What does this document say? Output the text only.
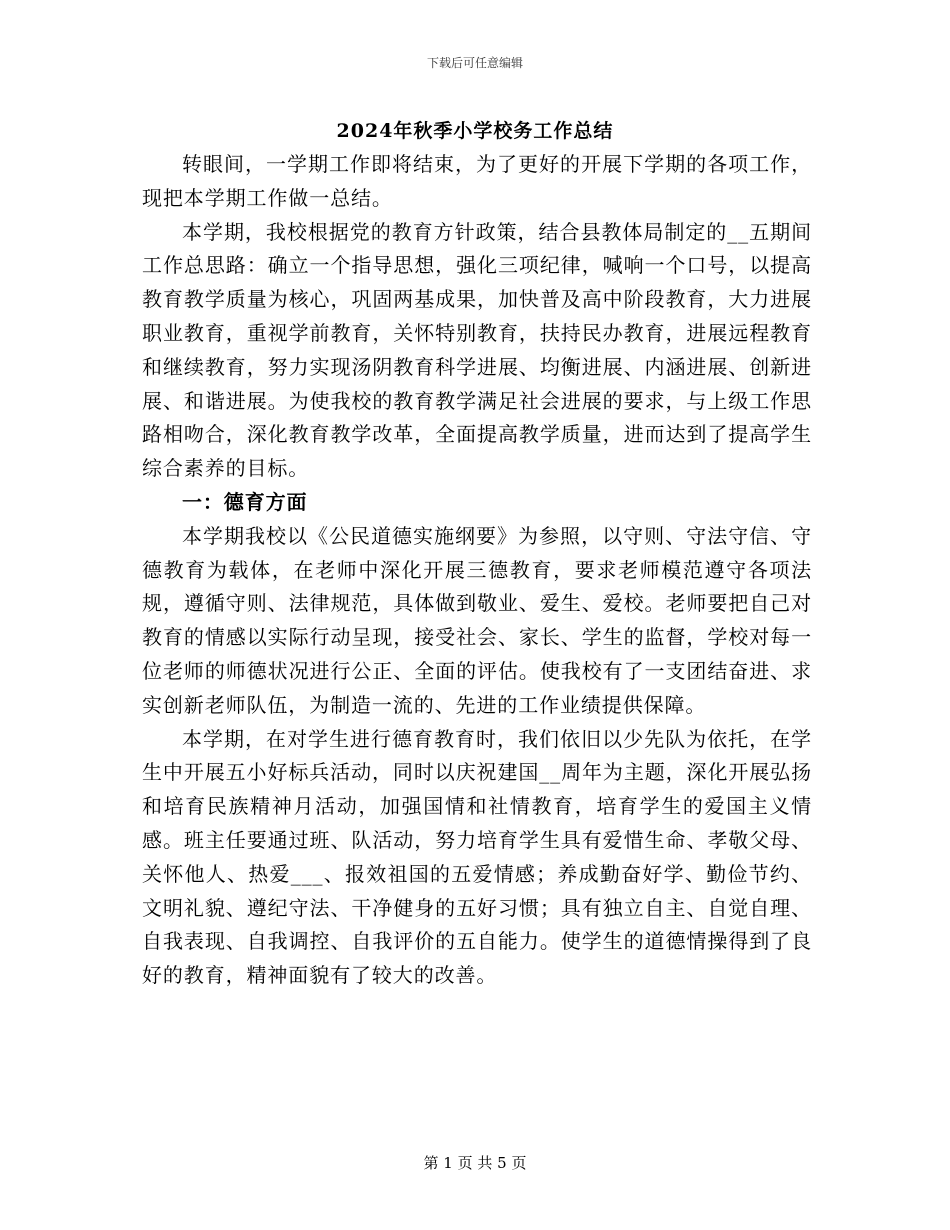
下载后可任意编辑
2024年秋季小学校务工作总结

转眼间，一学期工作即将结束，为了更好的开展下学期的各项工作，现把本学期工作做一总结。

本学期，我校根据党的教育方针政策，结合县教体局制定的__五期间工作总思路：确立一个指导思想，强化三项纪律，喊响一个口号，以提高教育教学质量为核心，巩固两基成果，加快普及高中阶段教育，大力进展职业教育，重视学前教育，关怀特别教育，扶持民办教育，进展远程教育和继续教育，努力实现汤阴教育科学进展、均衡进展、内涵进展、创新进展、和谐进展。为使我校的教育教学满足社会进展的要求，与上级工作思路相吻合，深化教育教学改革，全面提高教学质量，进而达到了提高学生综合素养的目标。

一：德育方面

本学期我校以《公民道德实施纲要》为参照，以守则、守法守信、守德教育为载体，在老师中深化开展三德教育，要求老师模范遵守各项法规，遵循守则、法律规范，具体做到敬业、爱生、爱校。老师要把自己对教育的情感以实际行动呈现，接受社会、家长、学生的监督，学校对每一位老师的师德状况进行公正、全面的评估。使我校有了一支团结奋进、求实创新老师队伍，为制造一流的、先进的工作业绩提供保障。

本学期，在对学生进行德育教育时，我们依旧以少先队为依托，在学生中开展五小好标兵活动，同时以庆祝建国__周年为主题，深化开展弘扬和培育民族精神月活动，加强国情和社情教育，培育学生的爱国主义情感。班主任要通过班、队活动，努力培育学生具有爱惜生命、孝敬父母、关怀他人、热爱___、报效祖国的五爱情感；养成勤奋好学、勤俭节约、文明礼貌、遵纪守法、干净健身的五好习惯；具有独立自主、自觉自理、自我表现、自我调控、自我评价的五自能力。使学生的道德情操得到了良好的教育，精神面貌有了较大的改善。

第 1 页 共 5 页
